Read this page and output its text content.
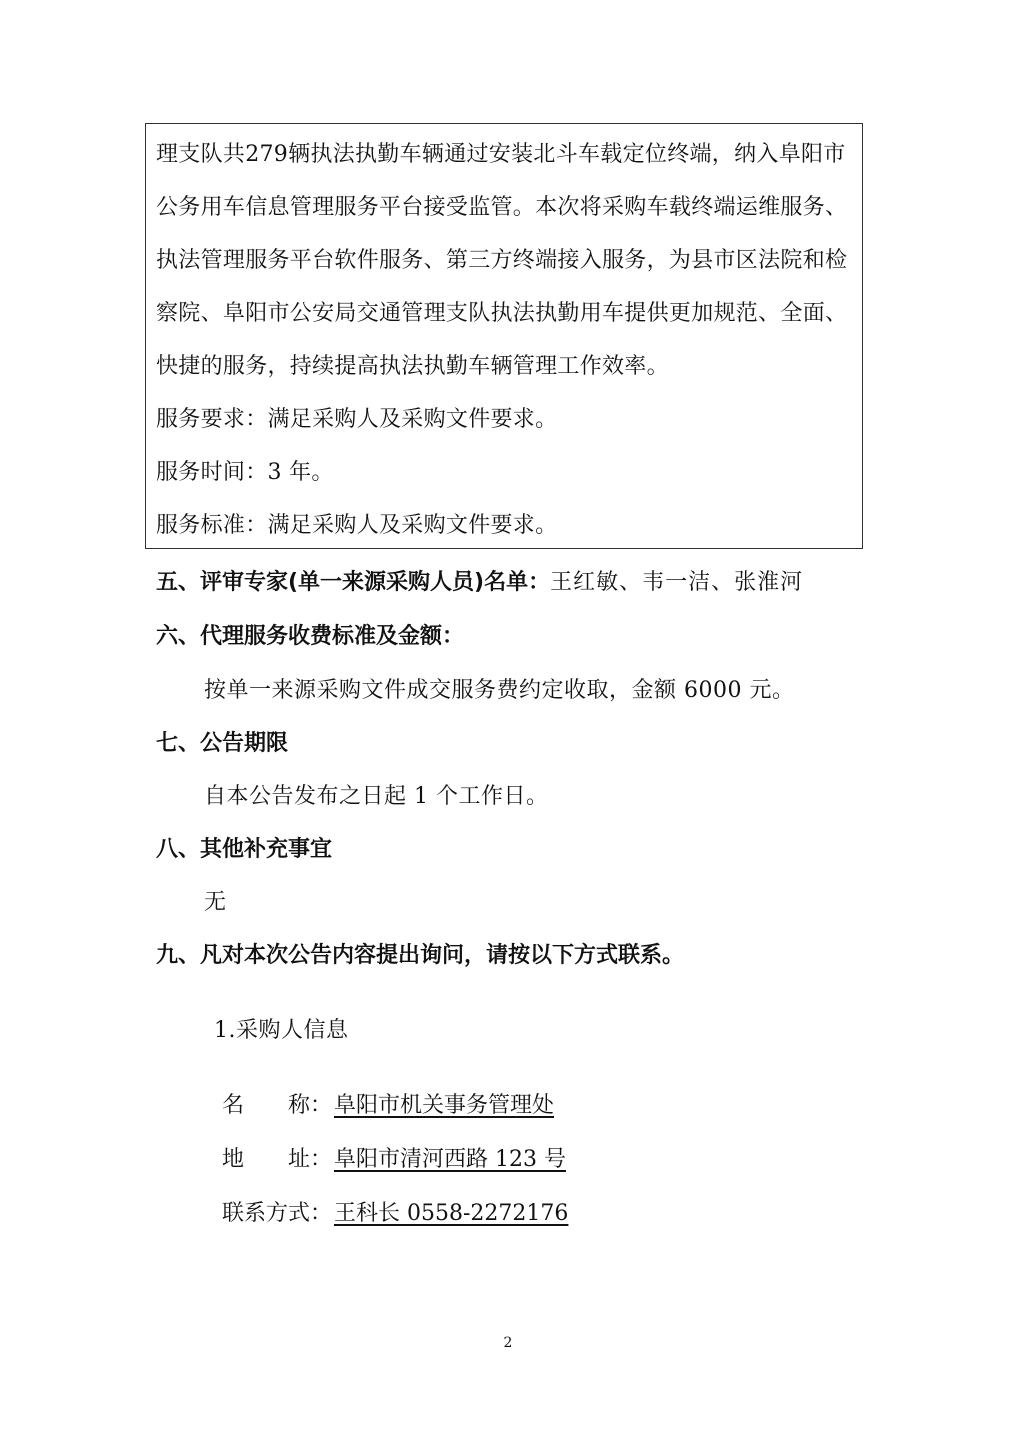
理支队共279辆执法执勤车辆通过安装北斗车载定位终端，纳入阜阳市
公务用车信息管理服务平台接受监管。本次将采购车载终端运维服务、
执法管理服务平台软件服务、第三方终端接入服务，为县市区法院和检
察院、阜阳市公安局交通管理支队执法执勤用车提供更加规范、全面、
快捷的服务，持续提高执法执勤车辆管理工作效率。
服务要求：满足采购人及采购文件要求。
服务时间：3 年。
服务标准：满足采购人及采购文件要求。
五、评审专家(单一来源采购人员)名单：王红敏、韦一洁、张淮河
六、代理服务收费标准及金额：
按单一来源采购文件成交服务费约定收取，金额 6000 元。
七、公告期限
自本公告发布之日起 1 个工作日。
八、其他补充事宜
无
九、凡对本次公告内容提出询问，请按以下方式联系。
1.采购人信息
名　　称：阜阳市机关事务管理处
地　　址：阜阳市清河西路 123 号
联系方式：王科长 0558-2272176
2
